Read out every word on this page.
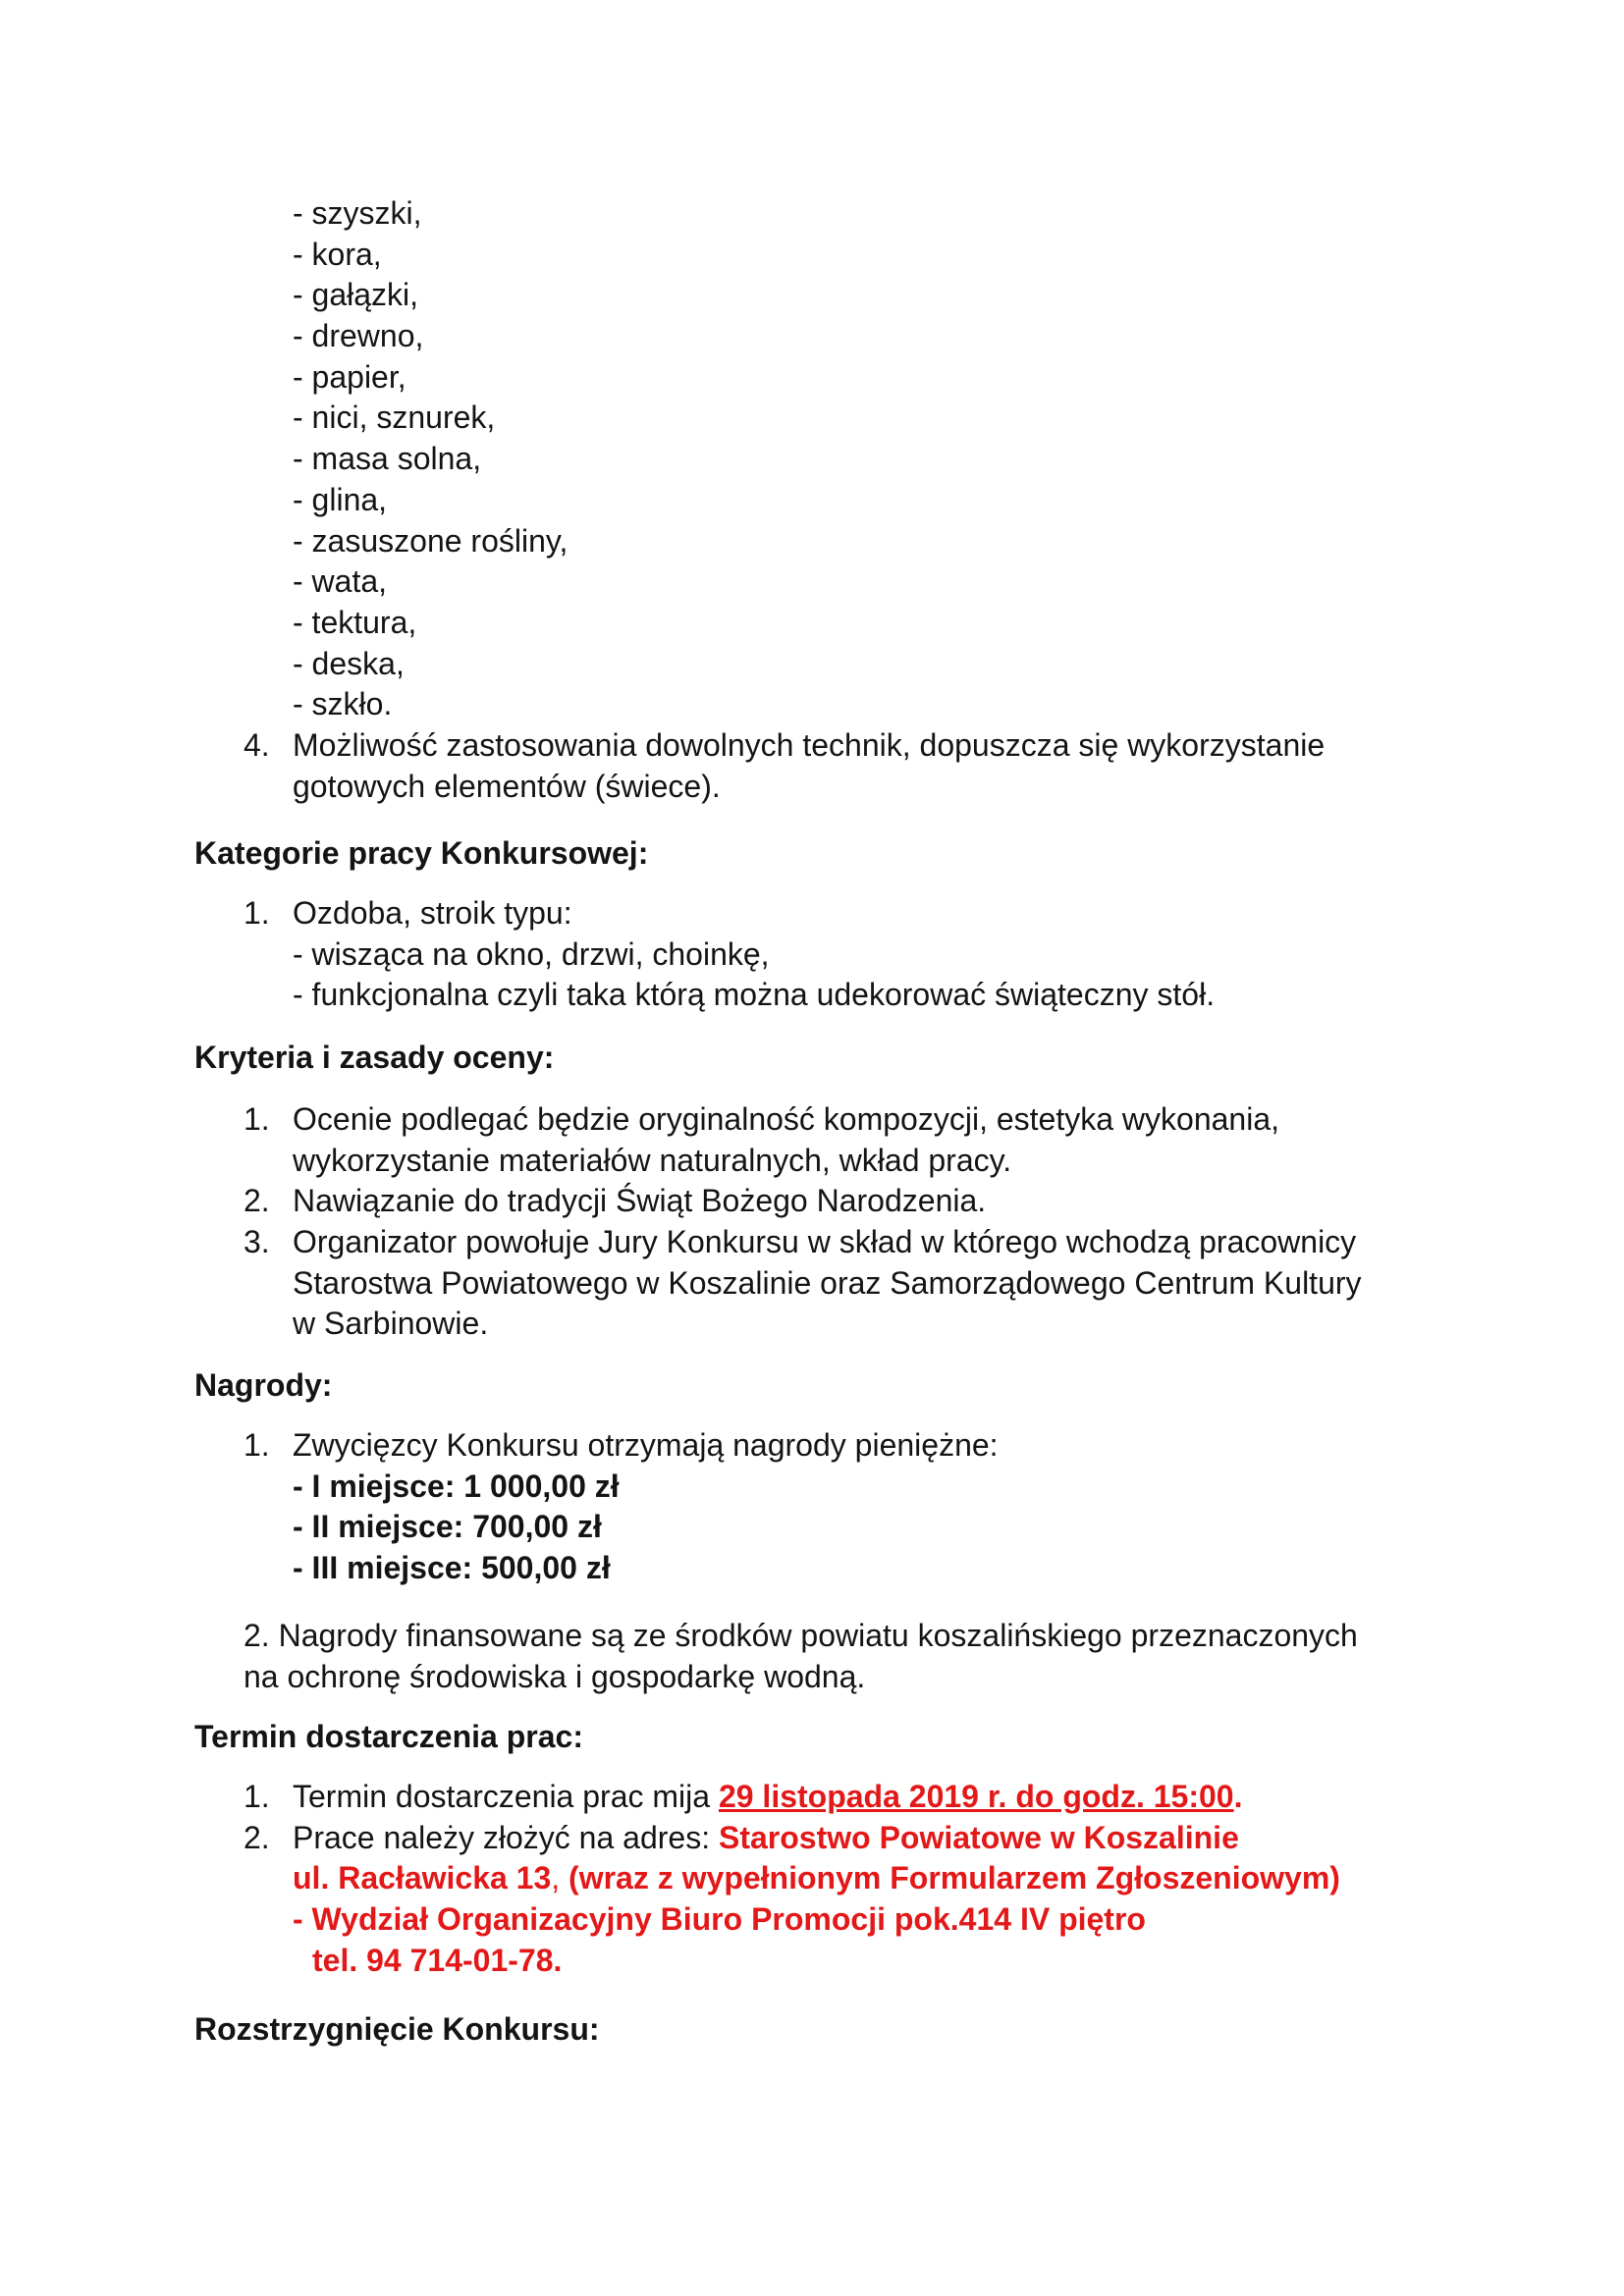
- szyszki,
- kora,
- gałązki,
- drewno,
- papier,
- nici, sznurek,
- masa solna,
- glina,
- zasuszone rośliny,
- wata,
- tektura,
- deska,
- szkło.
4. Możliwość zastosowania dowolnych technik, dopuszcza się wykorzystanie
gotowych elementów (świece).
Kategorie pracy Konkursowej:
1. Ozdoba, stroik typu:
- wisząca na okno, drzwi, choinkę,
- funkcjonalna czyli taka którą można udekorować świąteczny stół.
Kryteria i zasady oceny:
1. Ocenie podlegać będzie oryginalność kompozycji, estetyka wykonania,
wykorzystanie materiałów naturalnych, wkład pracy.
2. Nawiązanie do tradycji Świąt Bożego Narodzenia.
3. Organizator powołuje Jury Konkursu w skład w którego wchodzą pracownicy
Starostwa Powiatowego w Koszalinie oraz Samorządowego Centrum Kultury
w Sarbinowie.
Nagrody:
1. Zwycięzcy Konkursu otrzymają nagrody pieniężne:
- I miejsce: 1 000,00 zł
- II miejsce: 700,00 zł
- III miejsce: 500,00 zł
2. Nagrody finansowane są ze środków powiatu koszalińskiego przeznaczonych
na ochronę środowiska i gospodarkę wodną.
Termin dostarczenia prac:
1. Termin dostarczenia prac mija 29 listopada 2019 r. do godz. 15:00.
2. Prace należy złożyć na adres: Starostwo Powiatowe w Koszalinie
ul. Racławicka 13, (wraz z wypełnionym Formularzem Zgłoszeniowym)
- Wydział Organizacyjny Biuro Promocji pok.414 IV piętro
tel. 94 714-01-78.
Rozstrzygnięcie Konkursu:
